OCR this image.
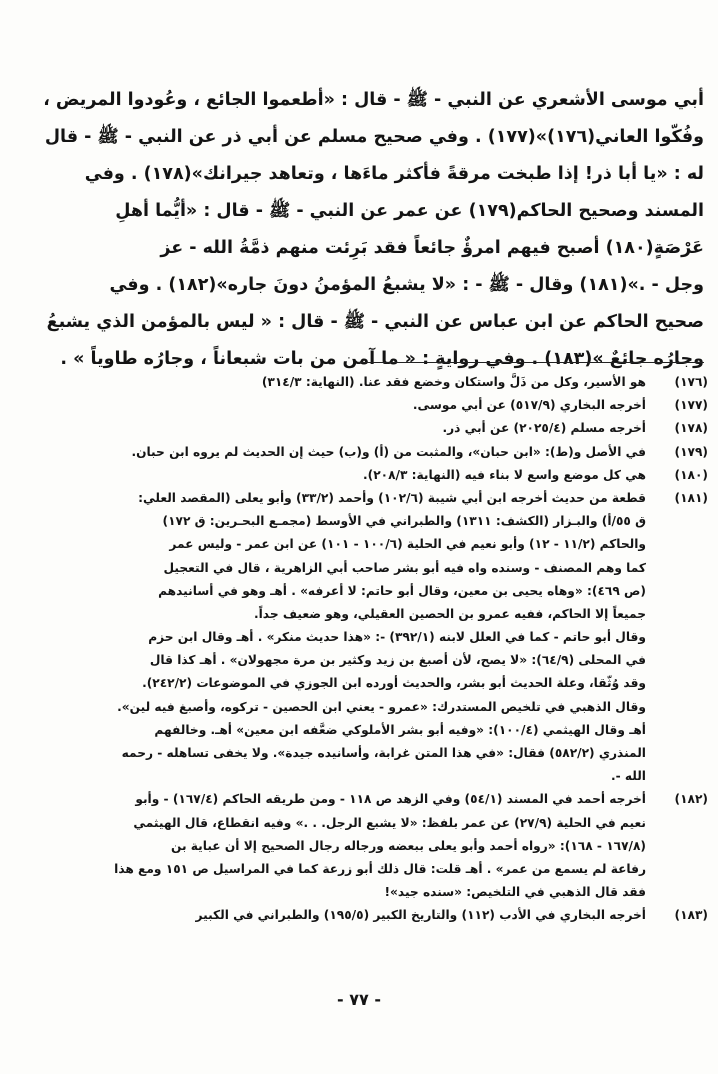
أبي موسى الأشعري عن النبي - ﷺ - قال : «أطعموا الجائع ، وعُودوا المريض ،
وفُكّوا العاني(١٧٦)»(١٧٧) . وفي صحيح مسلم عن أبي ذر عن النبي - ﷺ - قال
له : «يا أبا ذر! إذا طبخت مرقةً فأكثر ماءَها ، وتعاهد جيرانك»(١٧٨) . وفي
المسند وصحيح الحاكم(١٧٩) عن عمر عن النبي - ﷺ - قال : «أيُّما أهلِ
عَرْصَةٍ(١٨٠) أصبح فيهم امرؤٌ جائعاً فقد بَرِئت منهم ذمَّةُ الله - عز
وجل - .»(١٨١) وقال - ﷺ - : «لا يشبعُ المؤمنُ دونَ جاره»(١٨٢) . وفي
صحيح الحاكم عن ابن عباس عن النبي - ﷺ - قال : « ليس بالمؤمن الذي يشبعُ
وجارُه جائعٌ »(١٨٣) . وفي روايةٍ : « ما آمن من بات شبعاناً ، وجارُه طاوياً » .
(١٧٦)هو الأسير، وكل من ذَلَّ واستكان وخضع فقد عنا. (النهاية: ٣١٤/٣)
(١٧٧)أخرجه البخاري (٥١٧/٩) عن أبي موسى.
(١٧٨)أخرجه مسلم (٢٠٢٥/٤) عن أبي ذر.
(١٧٩)في الأصل و(ط): «ابن حبان»، والمثبت من (أ) و(ب) حيث إن الحديث لم يروه ابن حبان.
(١٨٠)هي كل موضع واسع لا بناء فيه (النهاية: ٢٠٨/٣).
(١٨١)قطعة من حديث أخرجه ابن أبي شيبة (١٠٢/٦) وأحمد (٣٣/٢) وأبو يعلى (المقصد العلي:
ق ٥٥/أ) والبـزار (الكشف: ١٣١١) والطبراني في الأوسط (مجمـع البحـرين: ق ١٧٢)
والحاكم (١١/٢ - ١٢) وأبو نعيم في الحلية (١٠٠/٦ - ١٠١) عن ابن عمر - وليس عمر
كما وهم المصنف - وسنده واه فيه أبو بشر صاحب أبي الزاهرية ، قال في التعجيل
(ص ٤٦٩): «وهاه يحيى بن معين، وقال أبو حاتم: لا أعرفه» . أهـ وهو في أسانيدهم
جميعاً إلا الحاكم، ففيه عمرو بن الحصين العقيلي، وهو ضعيف جداً.
وقال أبو حاتم - كما في العلل لابنه (٣٩٢/١) -: «هذا حديث منكر» . أهـ وقال ابن حزم
في المحلى (٦٤/٩): «لا يصح، لأن أصبغ بن زيد وكثير بن مرة مجهولان» . أهـ كذا قال
وقد وُثّقا، وعلة الحديث أبو بشر، والحديث أورده ابن الجوزي في الموضوعات (٢٤٢/٢).
وقال الذهبي في تلخيص المستدرك: «عمرو - يعني ابن الحصين - تركوه، وأصبغ فيه لين».
أهـ وقال الهيثمي (١٠٠/٤): «وفيه أبو بشر الأملوكي ضعَّفه ابن معين» أهـ. وخالفهم
المنذري (٥٨٢/٢) فقال: «في هذا المتن غرابة، وأسانيده جيدة». ولا يخفى تساهله - رحمه
الله -.
(١٨٢)أخرجه أحمد في المسند (٥٤/١) وفي الزهد ص ١١٨ - ومن طريقه الحاكم (١٦٧/٤) - وأبو
نعيم في الحلية (٢٧/٩) عن عمر بلفظ: «لا يشبع الرجل. . .» وفيه انقطاع، قال الهيثمي
(١٦٧/٨ - ١٦٨): «رواه أحمد وأبو يعلى ببعضه ورجاله رجال الصحيح إلا أن عباية بن
رفاعة لم يسمع من عمر» . أهـ قلت: قال ذلك أبو زرعة كما في المراسيل ص ١٥١ ومع هذا
فقد قال الذهبي في التلخيص: «سنده جيد»!
(١٨٣)أخرجه البخاري في الأدب (١١٢) والتاريخ الكبير (١٩٥/٥) والطبراني في الكبير
- ٧٧ -
